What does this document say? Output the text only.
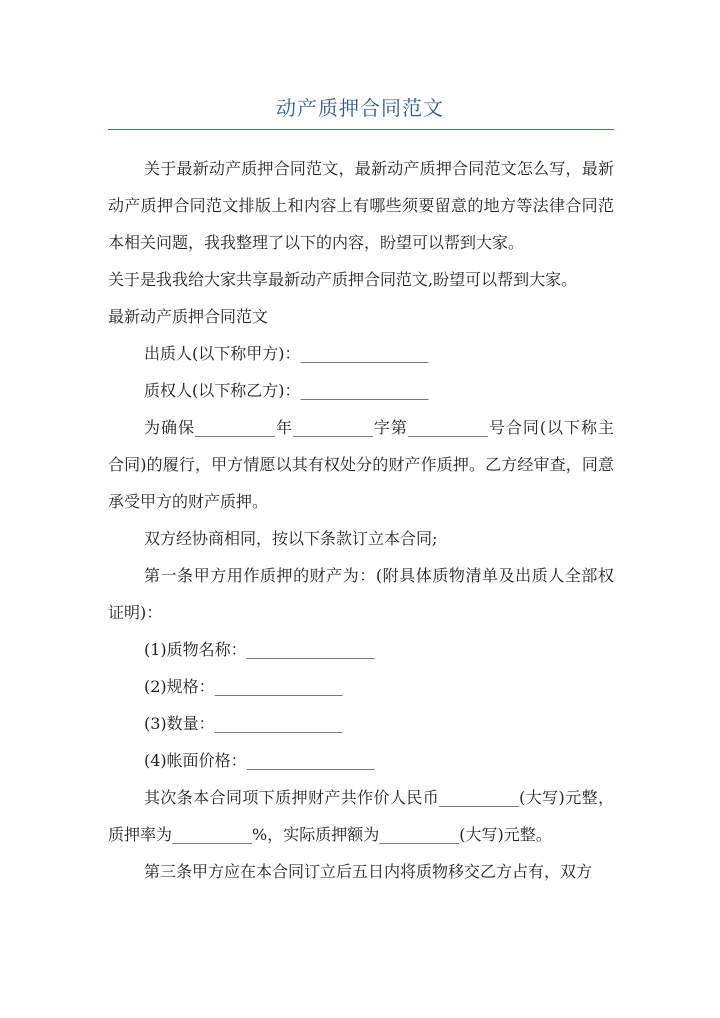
动产质押合同范文

关于最新动产质押合同范文，最新动产质押合同范文怎么写，最新动产质押合同范文排版上和内容上有哪些须要留意的地方等法律合同范本相关问题，我我整理了以下的内容，盼望可以帮到大家。

关于是我我给大家共享最新动产质押合同范文,盼望可以帮到大家。

最新动产质押合同范文

出质人(以下称甲方)：________________

质权人(以下称乙方)：________________

为确保__________年__________字第__________号合同(以下称主合同)的履行，甲方情愿以其有权处分的财产作质押。乙方经审查，同意承受甲方的财产质押。

双方经协商相同，按以下条款订立本合同;

第一条甲方用作质押的财产为：(附具体质物清单及出质人全部权证明)：

(1)质物名称：________________

(2)规格：________________

(3)数量：________________

(4)帐面价格：________________

其次条本合同项下质押财产共作价人民币__________(大写)元整，质押率为__________%，实际质押额为__________(大写)元整。

第三条甲方应在本合同订立后五日内将质物移交乙方占有，双方
